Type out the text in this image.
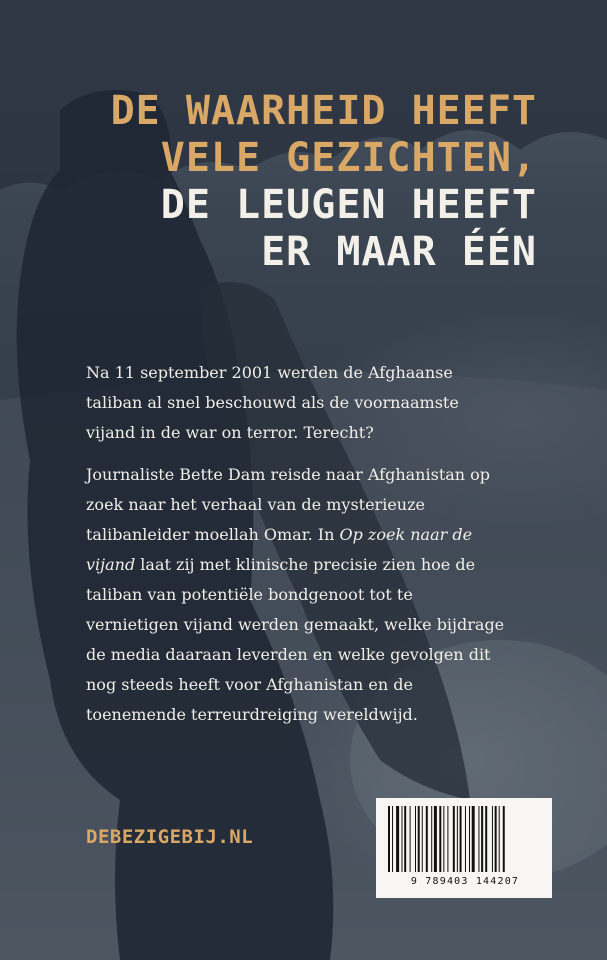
DE WAARHEID HEEFT
VELE GEZICHTEN,
DE LEUGEN HEEFT
ER MAAR ÉÉN

Na 11 september 2001 werden de Afghaanse taliban al snel beschouwd als de voornaamste vijand in de war on terror. Terecht?

Journaliste Bette Dam reisde naar Afghanistan op zoek naar het verhaal van de mysterieuze talibanleider moellah Omar. In Op zoek naar de vijand laat zij met klinische precisie zien hoe de taliban van potentiële bondgenoot tot te vernietigen vijand werden gemaakt, welke bijdrage de media daaraan leverden en welke gevolgen dit nog steeds heeft voor Afghanistan en de toenemende terreurdreiging wereldwijd.

DEBEZIGEBIJ.NL
9 789403 144207
